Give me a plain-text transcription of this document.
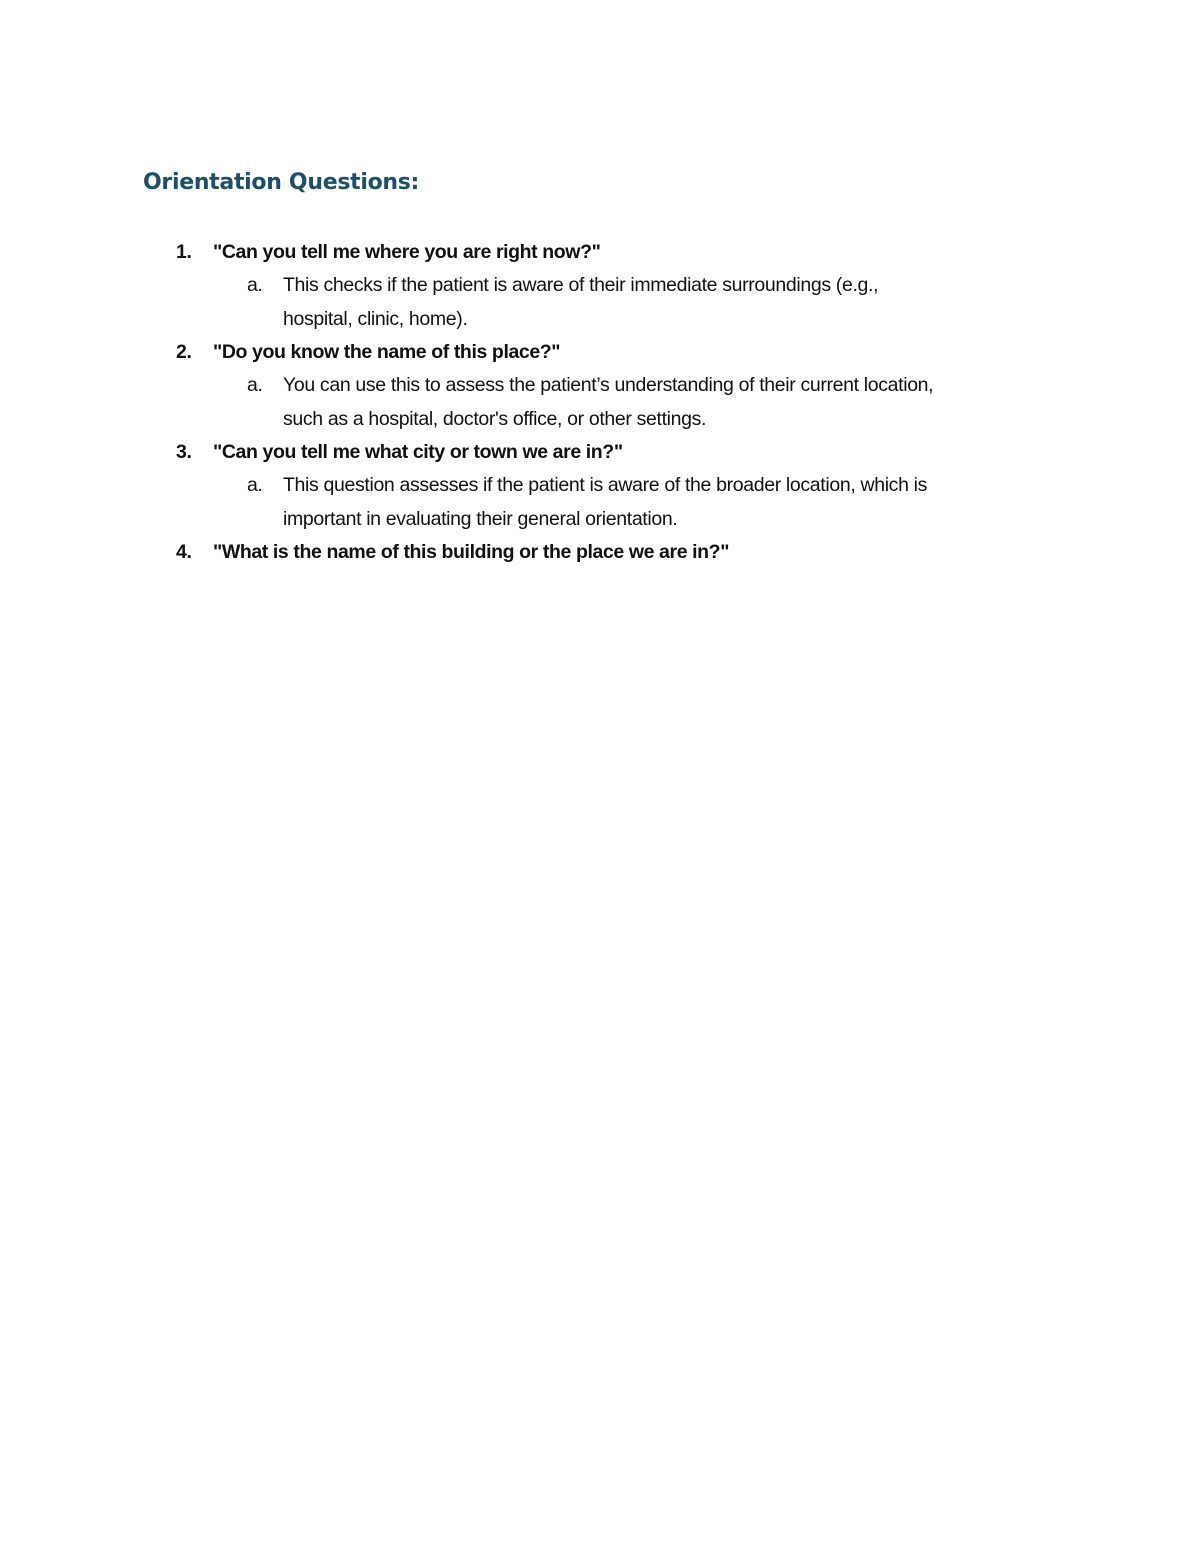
Orientation Questions:
1. "Can you tell me where you are right now?"
a. This checks if the patient is aware of their immediate surroundings (e.g., hospital, clinic, home).
2. "Do you know the name of this place?"
a. You can use this to assess the patient’s understanding of their current location, such as a hospital, doctor's office, or other settings.
3. "Can you tell me what city or town we are in?"
a. This question assesses if the patient is aware of the broader location, which is important in evaluating their general orientation.
4. "What is the name of this building or the place we are in?"
